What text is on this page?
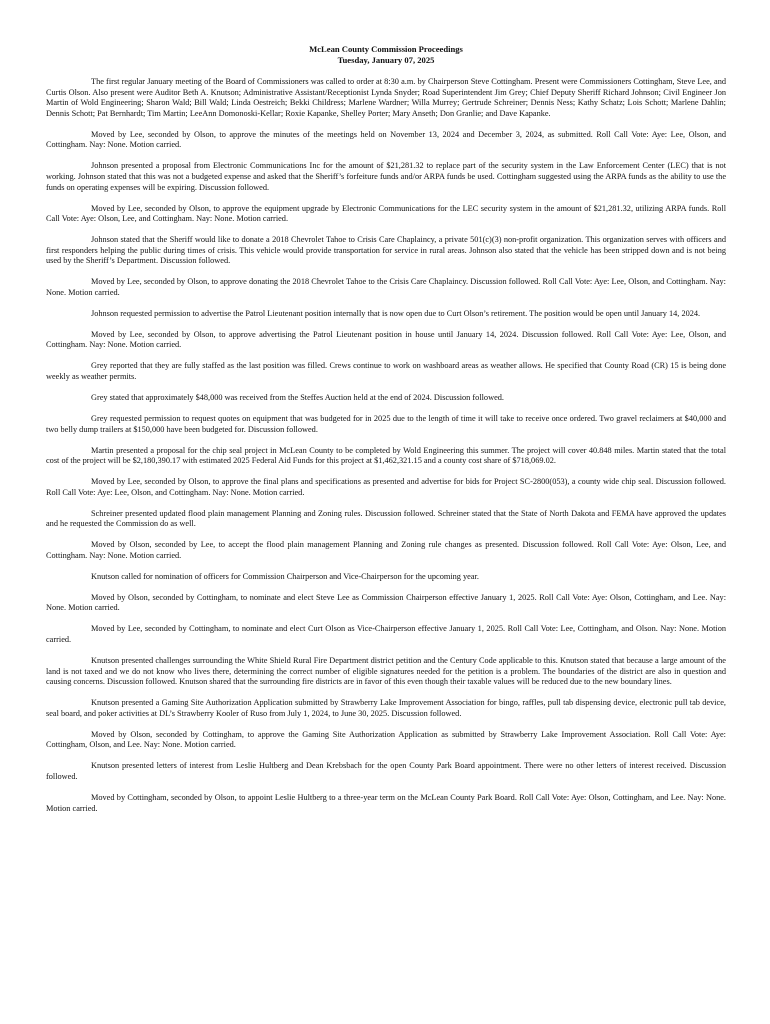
McLean County Commission Proceedings

Tuesday, January 07, 2025

The first regular January meeting of the Board of Commissioners was called to order at 8:30 a.m. by Chairperson Steve Cottingham. Present were Commissioners Cottingham, Steve Lee, and Curtis Olson. Also present were Auditor Beth A. Knutson; Administrative Assistant/Receptionist Lynda Snyder; Road Superintendent Jim Grey; Chief Deputy Sheriff Richard Johnson; Civil Engineer Jon Martin of Wold Engineering; Sharon Wald; Bill Wald; Linda Oestreich; Bekki Childress; Marlene Wardner; Willa Murrey; Gertrude Schreiner; Dennis Ness; Kathy Schatz; Lois Schott; Marlene Dahlin; Dennis Schott; Pat Bernhardt; Tim Martin; LeeAnn Domonoski-Kellar; Roxie Kapanke, Shelley Porter; Mary Anseth; Don Granlie; and Dave Kapanke.

Moved by Lee, seconded by Olson, to approve the minutes of the meetings held on November 13, 2024 and December 3, 2024, as submitted. Roll Call Vote: Aye: Lee, Olson, and Cottingham. Nay: None. Motion carried.

Johnson presented a proposal from Electronic Communications Inc for the amount of $21,281.32 to replace part of the security system in the Law Enforcement Center (LEC) that is not working. Johnson stated that this was not a budgeted expense and asked that the Sheriff’s forfeiture funds and/or ARPA funds be used. Cottingham suggested using the ARPA funds as the ability to use the funds on operating expenses will be expiring. Discussion followed.

Moved by Lee, seconded by Olson, to approve the equipment upgrade by Electronic Communications for the LEC security system in the amount of $21,281.32, utilizing ARPA funds. Roll Call Vote: Aye: Olson, Lee, and Cottingham. Nay: None. Motion carried.

Johnson stated that the Sheriff would like to donate a 2018 Chevrolet Tahoe to Crisis Care Chaplaincy, a private 501(c)(3) non-profit organization. This organization serves with officers and first responders helping the public during times of crisis. This vehicle would provide transportation for service in rural areas. Johnson also stated that the vehicle has been stripped down and is not being used by the Sheriff’s Department. Discussion followed.

Moved by Lee, seconded by Olson, to approve donating the 2018 Chevrolet Tahoe to the Crisis Care Chaplaincy. Discussion followed. Roll Call Vote: Aye: Lee, Olson, and Cottingham. Nay: None. Motion carried.

Johnson requested permission to advertise the Patrol Lieutenant position internally that is now open due to Curt Olson’s retirement. The position would be open until January 14, 2024.

Moved by Lee, seconded by Olson, to approve advertising the Patrol Lieutenant position in house until January 14, 2024. Discussion followed. Roll Call Vote: Aye: Lee, Olson, and Cottingham. Nay: None. Motion carried.

Grey reported that they are fully staffed as the last position was filled. Crews continue to work on washboard areas as weather allows. He specified that County Road (CR) 15 is being done weekly as weather permits.

Grey stated that approximately $48,000 was received from the Steffes Auction held at the end of 2024. Discussion followed.

Grey requested permission to request quotes on equipment that was budgeted for in 2025 due to the length of time it will take to receive once ordered. Two gravel reclaimers at $40,000 and two belly dump trailers at $150,000 have been budgeted for. Discussion followed.

Martin presented a proposal for the chip seal project in McLean County to be completed by Wold Engineering this summer. The project will cover 40.848 miles. Martin stated that the total cost of the project will be $2,180,390.17 with estimated 2025 Federal Aid Funds for this project at $1,462,321.15 and a county cost share of $718,069.02.

Moved by Lee, seconded by Olson, to approve the final plans and specifications as presented and advertise for bids for Project SC-2800(053), a county wide chip seal. Discussion followed. Roll Call Vote: Aye: Lee, Olson, and Cottingham. Nay: None. Motion carried.

Schreiner presented updated flood plain management Planning and Zoning rules. Discussion followed. Schreiner stated that the State of North Dakota and FEMA have approved the updates and he requested the Commission do as well.

Moved by Olson, seconded by Lee, to accept the flood plain management Planning and Zoning rule changes as presented. Discussion followed. Roll Call Vote: Aye: Olson, Lee, and Cottingham. Nay: None. Motion carried.

Knutson called for nomination of officers for Commission Chairperson and Vice-Chairperson for the upcoming year.

Moved by Olson, seconded by Cottingham, to nominate and elect Steve Lee as Commission Chairperson effective January 1, 2025. Roll Call Vote: Aye: Olson, Cottingham, and Lee. Nay: None. Motion carried.

Moved by Lee, seconded by Cottingham, to nominate and elect Curt Olson as Vice-Chairperson effective January 1, 2025. Roll Call Vote: Lee, Cottingham, and Olson. Nay: None. Motion carried.

Knutson presented challenges surrounding the White Shield Rural Fire Department district petition and the Century Code applicable to this. Knutson stated that because a large amount of the land is not taxed and we do not know who lives there, determining the correct number of eligible signatures needed for the petition is a problem. The boundaries of the district are also in question and causing concerns. Discussion followed. Knutson shared that the surrounding fire districts are in favor of this even though their taxable values will be reduced due to the new boundary lines.

Knutson presented a Gaming Site Authorization Application submitted by Strawberry Lake Improvement Association for bingo, raffles, pull tab dispensing device, electronic pull tab device, seal board, and poker activities at DL’s Strawberry Kooler of Ruso from July 1, 2024, to June 30, 2025. Discussion followed.

Moved by Olson, seconded by Cottingham, to approve the Gaming Site Authorization Application as submitted by Strawberry Lake Improvement Association. Roll Call Vote: Aye: Cottingham, Olson, and Lee. Nay: None. Motion carried.

Knutson presented letters of interest from Leslie Hultberg and Dean Krebsbach for the open County Park Board appointment. There were no other letters of interest received. Discussion followed.

Moved by Cottingham, seconded by Olson, to appoint Leslie Hultberg to a three-year term on the McLean County Park Board. Roll Call Vote: Aye: Olson, Cottingham, and Lee. Nay: None. Motion carried.
